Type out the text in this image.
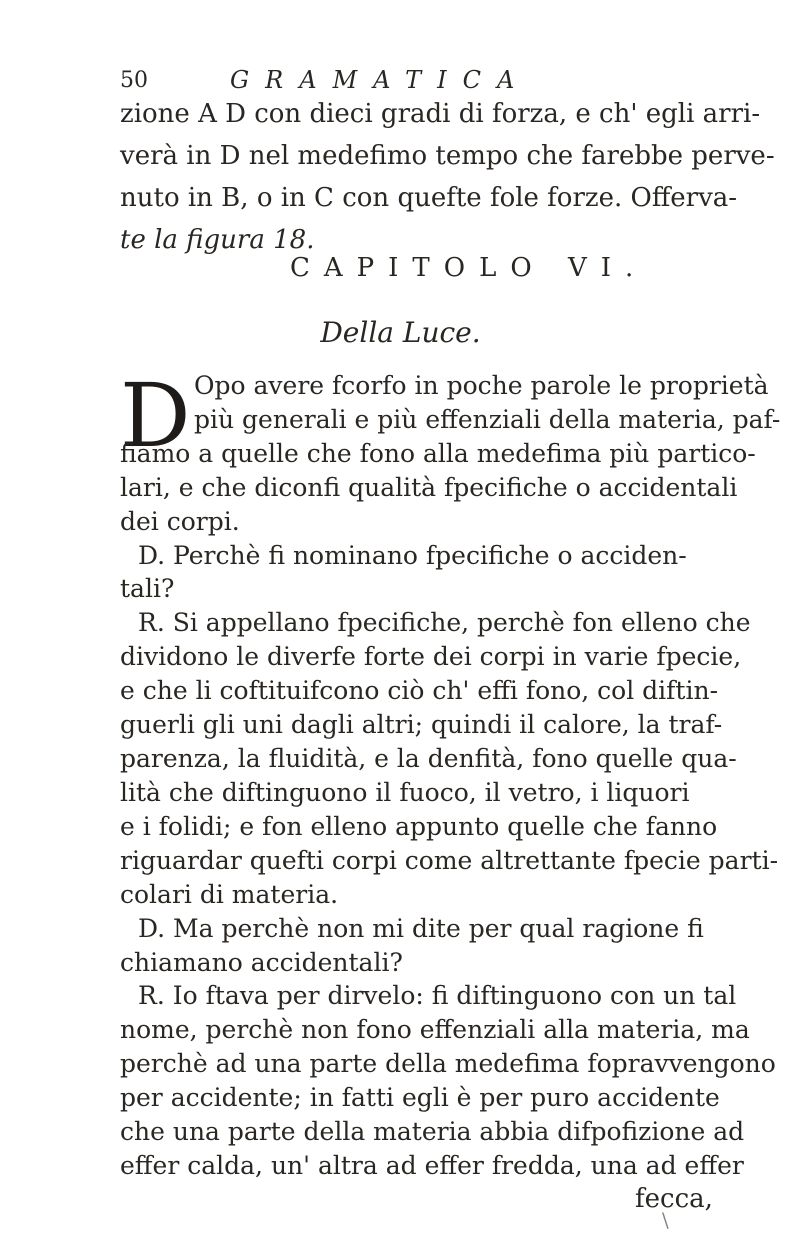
50	GRAMATICA
zione A D con dieci gradi di forza, e ch' egli arri-
verà in D nel medefimo tempo che farebbe perve-
nuto in B, o in C con quefte fole forze. Offerva-
te la figura 18.
CAPITOLO VI.
Della Luce.
D Opo avere fcorfo in poche parole le proprietà
più generali e più effenziali della materia, paf-
fiamo a quelle che fono alla medefima più partico-
lari, e che diconfi qualità fpecifiche o accidentali
dei corpi.
D. Perchè fi nominano fpecifiche o acciden-
tali?
R. Si appellano fpecifiche, perchè fon elleno che
dividono le diverfe forte dei corpi in varie fpecie,
e che li coftituifcono ciò ch' effi fono, col diftin-
guerli gli uni dagli altri; quindi il calore, la traf-
parenza, la fluidità, e la denfità, fono quelle qua-
lità che diftinguono il fuoco, il vetro, i liquori
e i folidi; e fon elleno appunto quelle che fanno
riguardar quefti corpi come altrettante fpecie parti-
colari di materia.
D. Ma perchè non mi dite per qual ragione fi
chiamano accidentali?
R. Io ftava per dirvelo: fi diftinguono con un tal
nome, perchè non fono effenziali alla materia, ma
perchè ad una parte della medefima fopravvengono
per accidente; in fatti egli è per puro accidente
che una parte della materia abbia difpofizione ad
effer calda, un' altra ad effer fredda, una ad effer
fecca,
\
